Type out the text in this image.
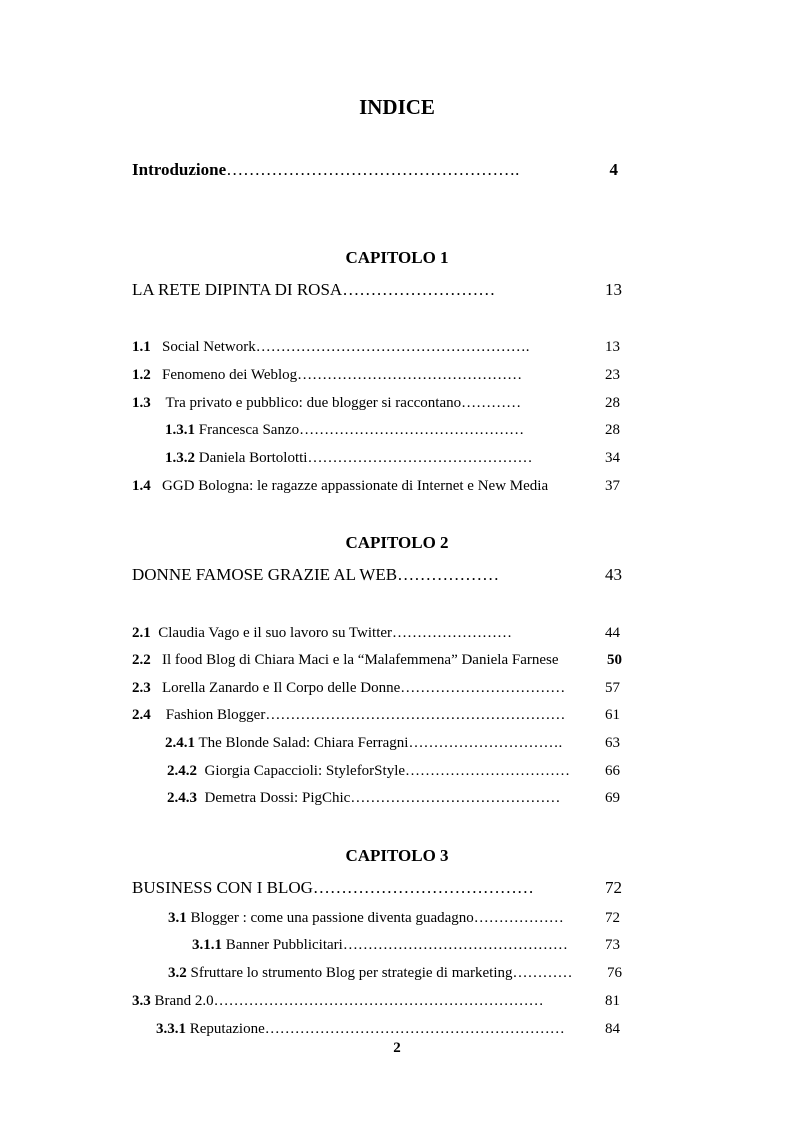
INDICE
Introduzione…………………………………………….	4
CAPITOLO 1
LA RETE DIPINTA DI ROSA………………………	13
1.1 Social Network……………………………………………….	13
1.2 Fenomeno dei Weblog………………………………………	23
1.3 Tra privato e pubblico: due blogger si raccontano…………	28
1.3.1 Francesca Sanzo………………………………………	28
1.3.2 Daniela Bortolotti………………………………………	34
1.4 GGD Bologna: le ragazze appassionate di Internet e New Media	37
CAPITOLO 2
DONNE FAMOSE GRAZIE AL WEB………………	43
2.1 Claudia Vago e il suo lavoro su Twitter……………………	44
2.2 Il food Blog di Chiara Maci e la “Malafemmena” Daniela Farnese	50
2.3 Lorella Zanardo e Il Corpo delle Donne……………………………	57
2.4 Fashion Blogger……………………………………………………	61
2.4.1 The Blonde Salad: Chiara Ferragni………………………….	63
2.4.2 Giorgia Capaccioli: StyleforStyle……………………………	66
2.4.3 Demetra Dossi: PigChic……………………………………	69
CAPITOLO 3
BUSINESS CON I BLOG…………………………………	72
3.1 Blogger : come una passione diventa guadagno………………	72
3.1.1 Banner Pubblicitari………………………………………	73
3.2 Sfruttare lo strumento Blog per strategie di marketing…………	76
3.3 Brand 2.0…………………………………………………………	81
3.3.1 Reputazione……………………………………………………	84
2
